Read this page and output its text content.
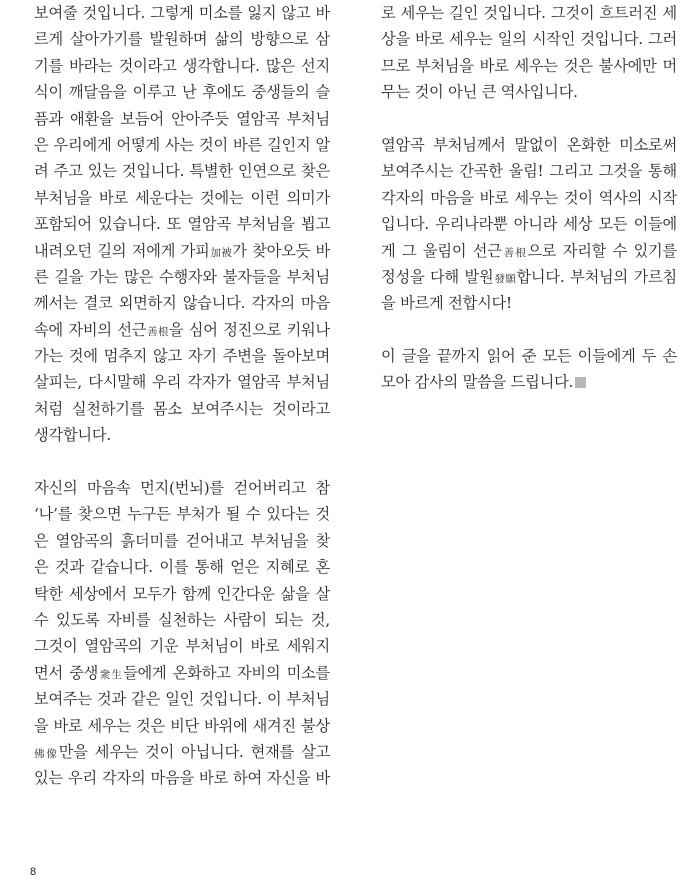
보여줄 것입니다. 그렇게 미소를 잃지 않고 바
르게 살아가기를 발원하며 삶의 방향으로 삼
기를 바라는 것이라고 생각합니다. 많은 선지
식이 깨달음을 이루고 난 후에도 중생들의 슬
픔과 애환을 보듬어 안아주듯 열암곡 부처님
은 우리에게 어떻게 사는 것이 바른 길인지 알
려 주고 있는 것입니다. 특별한 인연으로 찾은
부처님을 바로 세운다는 것에는 이런 의미가
포함되어 있습니다. 또 열암곡 부처님을 뵙고
내려오던 길의 저에게 가피加被가 찾아오듯 바
른 길을 가는 많은 수행자와 불자들을 부처님
께서는 결코 외면하지 않습니다. 각자의 마음
속에 자비의 선근善根을 심어 정진으로 키워나
가는 것에 멈추지 않고 자기 주변을 돌아보며
살피는, 다시말해 우리 각자가 열암곡 부처님
처럼 실천하기를 몸소 보여주시는 것이라고
생각합니다.
자신의 마음속 먼지(번뇌)를 걷어버리고 참
‘나’를 찾으면 누구든 부처가 될 수 있다는 것
은 열암곡의 흙더미를 걷어내고 부처님을 찾
은 것과 같습니다. 이를 통해 얻은 지혜로 혼
탁한 세상에서 모두가 함께 인간다운 삶을 살
수 있도록 자비를 실천하는 사람이 되는 것,
그것이 열암곡의 기운 부처님이 바로 세워지
면서 중생衆生들에게 온화하고 자비의 미소를
보여주는 것과 같은 일인 것입니다. 이 부처님
을 바로 세우는 것은 비단 바위에 새겨진 불상
佛像만을 세우는 것이 아닙니다. 현재를 살고
있는 우리 각자의 마음을 바로 하여 자신을 바
로 세우는 길인 것입니다. 그것이 흐트러진 세
상을 바로 세우는 일의 시작인 것입니다. 그러
므로 부처님을 바로 세우는 것은 불사에만 머
무는 것이 아닌 큰 역사입니다.
열암곡 부처님께서 말없이 온화한 미소로써
보여주시는 간곡한 울림! 그리고 그것을 통해
각자의 마음을 바로 세우는 것이 역사의 시작
입니다. 우리나라뿐 아니라 세상 모든 이들에
게 그 울림이 선근善根으로 자리할 수 있기를
정성을 다해 발원發願합니다. 부처님의 가르침
을 바르게 전합시다!
이 글을 끝까지 읽어 준 모든 이들에게 두 손
모아 감사의 말씀을 드립니다.
8
